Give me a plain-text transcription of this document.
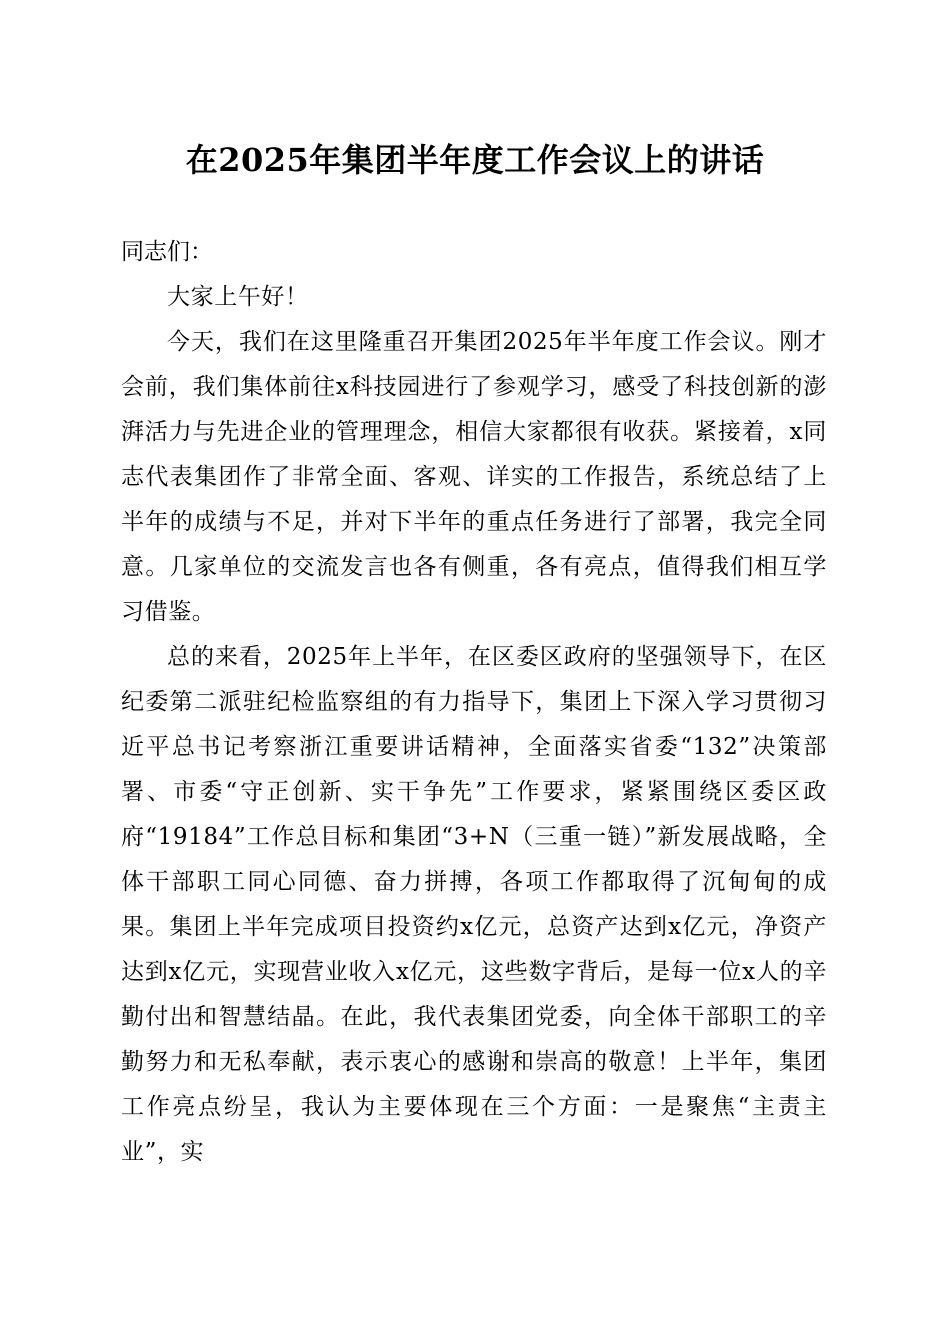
在2025年集团半年度工作会议上的讲话

同志们：

大家上午好！

今天，我们在这里隆重召开集团2025年半年度工作会议。刚才会前，我们集体前往x科技园进行了参观学习，感受了科技创新的澎湃活力与先进企业的管理理念，相信大家都很有收获。紧接着，x同志代表集团作了非常全面、客观、详实的工作报告，系统总结了上半年的成绩与不足，并对下半年的重点任务进行了部署，我完全同意。几家单位的交流发言也各有侧重，各有亮点，值得我们相互学习借鉴。

总的来看，2025年上半年，在区委区政府的坚强领导下，在区纪委第二派驻纪检监察组的有力指导下，集团上下深入学习贯彻习近平总书记考察浙江重要讲话精神，全面落实省委“132”决策部署、市委“守正创新、实干争先”工作要求，紧紧围绕区委区政府“19184”工作总目标和集团“3+N（三重一链）”新发展战略，全体干部职工同心同德、奋力拼搏，各项工作都取得了沉甸甸的成果。集团上半年完成项目投资约x亿元，总资产达到x亿元，净资产达到x亿元，实现营业收入x亿元，这些数字背后，是每一位x人的辛勤付出和智慧结晶。在此，我代表集团党委，向全体干部职工的辛勤努力和无私奉献，表示衷心的感谢和崇高的敬意！上半年，集团工作亮点纷呈，我认为主要体现在三个方面：一是聚焦“主责主业”，实
